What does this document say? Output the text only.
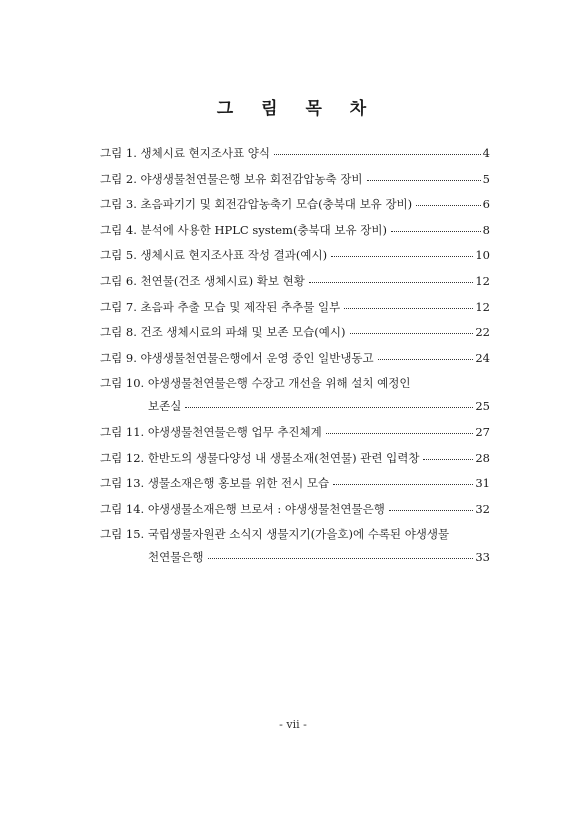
그 림 목 차
그림 1. 생체시료 현지조사표 양식	4
그림 2. 야생생물천연물은행 보유 회전감압농축 장비	5
그림 3. 초음파기기 및 회전감압농축기 모습(충북대 보유 장비)	6
그림 4. 분석에 사용한 HPLC system(충북대 보유 장비)	8
그림 5. 생체시료 현지조사표 작성 결과(예시)	10
그림 6. 천연물(건조 생체시료) 확보 현황	12
그림 7. 초음파 추출 모습 및 제작된 추추물 일부	12
그림 8. 건조 생체시료의 파쇄 및 보존 모습(예시)	22
그림 9. 야생생물천연물은행에서 운영 중인 일반냉동고	24
그림 10. 야생생물천연물은행 수장고 개선을 위해 설치 예정인
보존실	25
그림 11. 야생생물천연물은행 업무 추진체계	27
그림 12. 한반도의 생물다양성 내 생물소재(천연물) 관련 입력창	28
그림 13. 생물소재은행 홍보를 위한 전시 모습	31
그림 14. 야생생물소재은행 브로셔 : 야생생물천연물은행	32
그림 15. 국립생물자원관 소식지 생물지기(가을호)에 수록된 야생생물
천연물은행	33
- vii -
